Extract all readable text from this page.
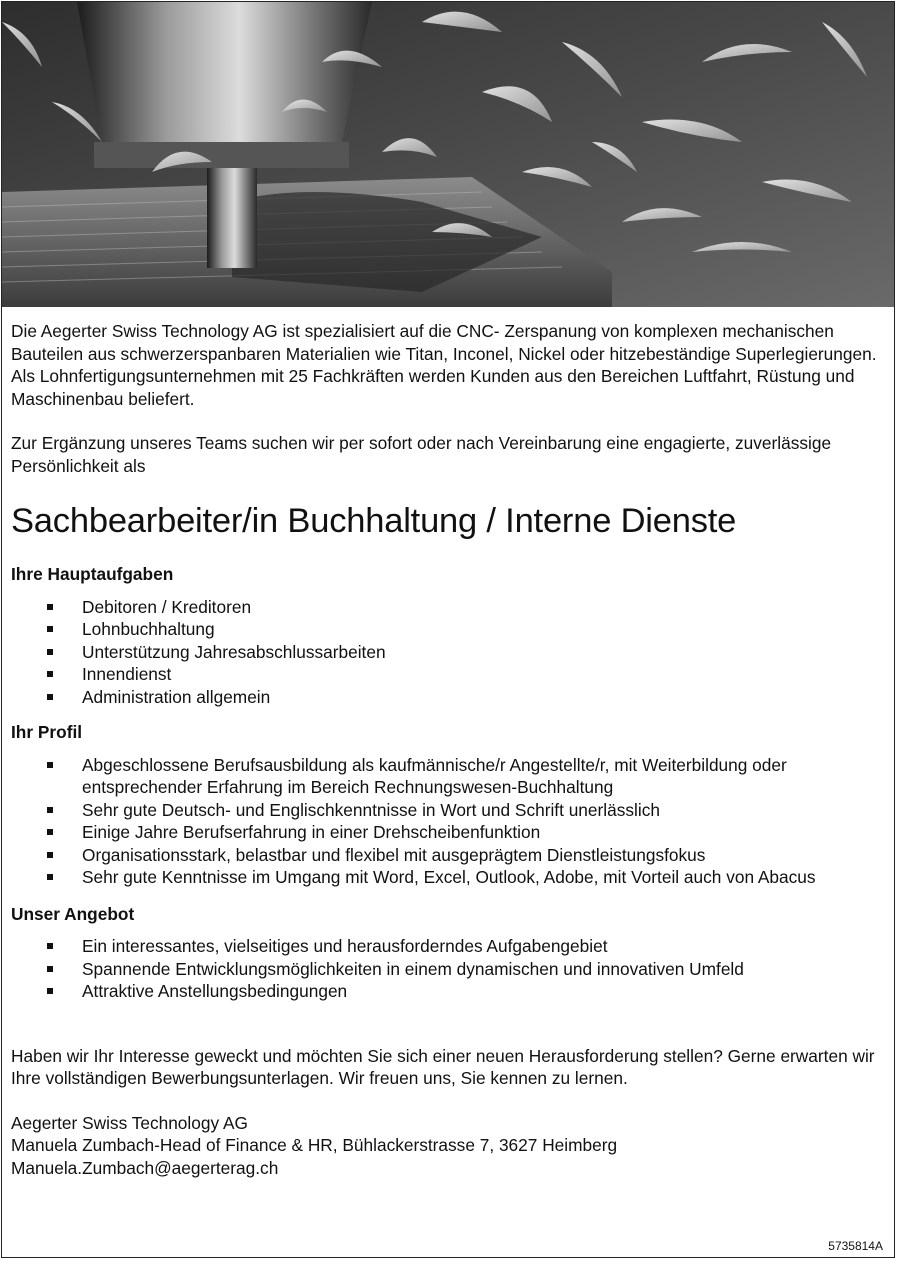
Die Aegerter Swiss Technology AG ist spezialisiert auf die CNC- Zerspanung von komplexen mechanischen Bauteilen aus schwerzerspanbaren Materialien wie Titan, Inconel, Nickel oder hitzebeständige Superlegierungen. Als Lohnfertigungsunternehmen mit 25 Fachkräften werden Kunden aus den Bereichen Luftfahrt, Rüstung und Maschinenbau beliefert.

Zur Ergänzung unseres Teams suchen wir per sofort oder nach Vereinbarung eine engagierte, zuverlässige Persönlichkeit als

Sachbearbeiter/in Buchhaltung / Interne Dienste
Ihre Hauptaufgaben
Debitoren / Kreditoren
Lohnbuchhaltung
Unterstützung Jahresabschlussarbeiten
Innendienst
Administration allgemein
Ihr Profil
Abgeschlossene Berufsausbildung als kaufmännische/r Angestellte/r, mit Weiterbildung oder entsprechender Erfahrung im Bereich Rechnungswesen-Buchhaltung
Sehr gute Deutsch- und Englischkenntnisse in Wort und Schrift unerlässlich
Einige Jahre Berufserfahrung in einer Drehscheibenfunktion
Organisationsstark, belastbar und flexibel mit ausgeprägtem Dienstleistungsfokus
Sehr gute Kenntnisse im Umgang mit Word, Excel, Outlook, Adobe, mit Vorteil auch von Abacus
Unser Angebot
Ein interessantes, vielseitiges und herausforderndes Aufgabengebiet
Spannende Entwicklungsmöglichkeiten in einem dynamischen und innovativen Umfeld
Attraktive Anstellungsbedingungen

Haben wir Ihr Interesse geweckt und möchten Sie sich einer neuen Herausforderung stellen? Gerne erwarten wir Ihre vollständigen Bewerbungsunterlagen. Wir freuen uns, Sie kennen zu lernen.

Aegerter Swiss Technology AG

Manuela Zumbach-Head of Finance & HR, Bühlackerstrasse 7, 3627 Heimberg

Manuela.Zumbach@aegerterag.ch

5735814A
